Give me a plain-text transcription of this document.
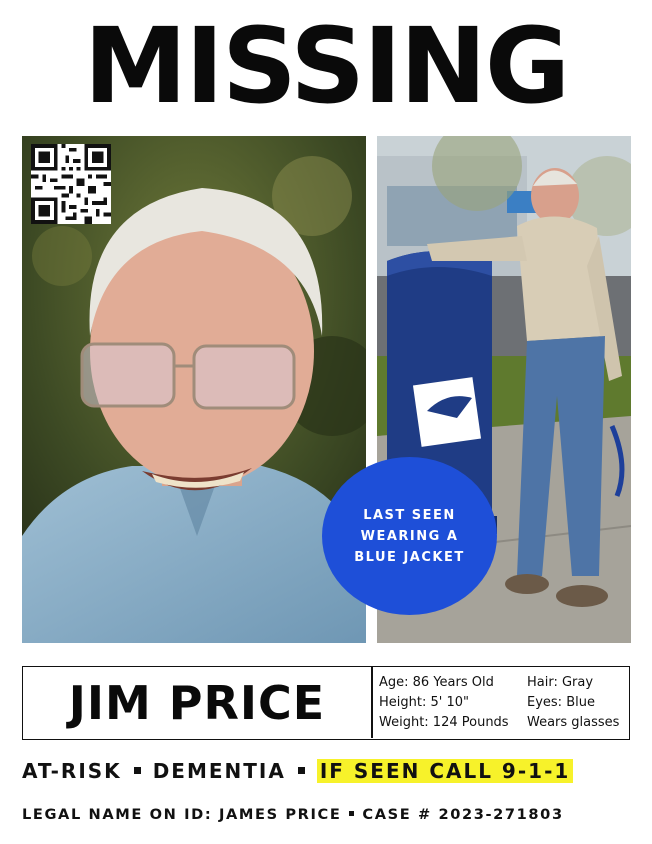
MISSING
LAST SEEN
WEARING A
BLUE JACKET
JIM PRICE	Age: 86 Years Old
Height: 5' 10"
Weight: 124 Pounds
Hair: Gray
Eyes: Blue
Wears glasses
AT-RISK DEMENTIA IF SEEN CALL 9-1-1
LEGAL NAME ON ID: JAMES PRICE CASE # 2023-271803
